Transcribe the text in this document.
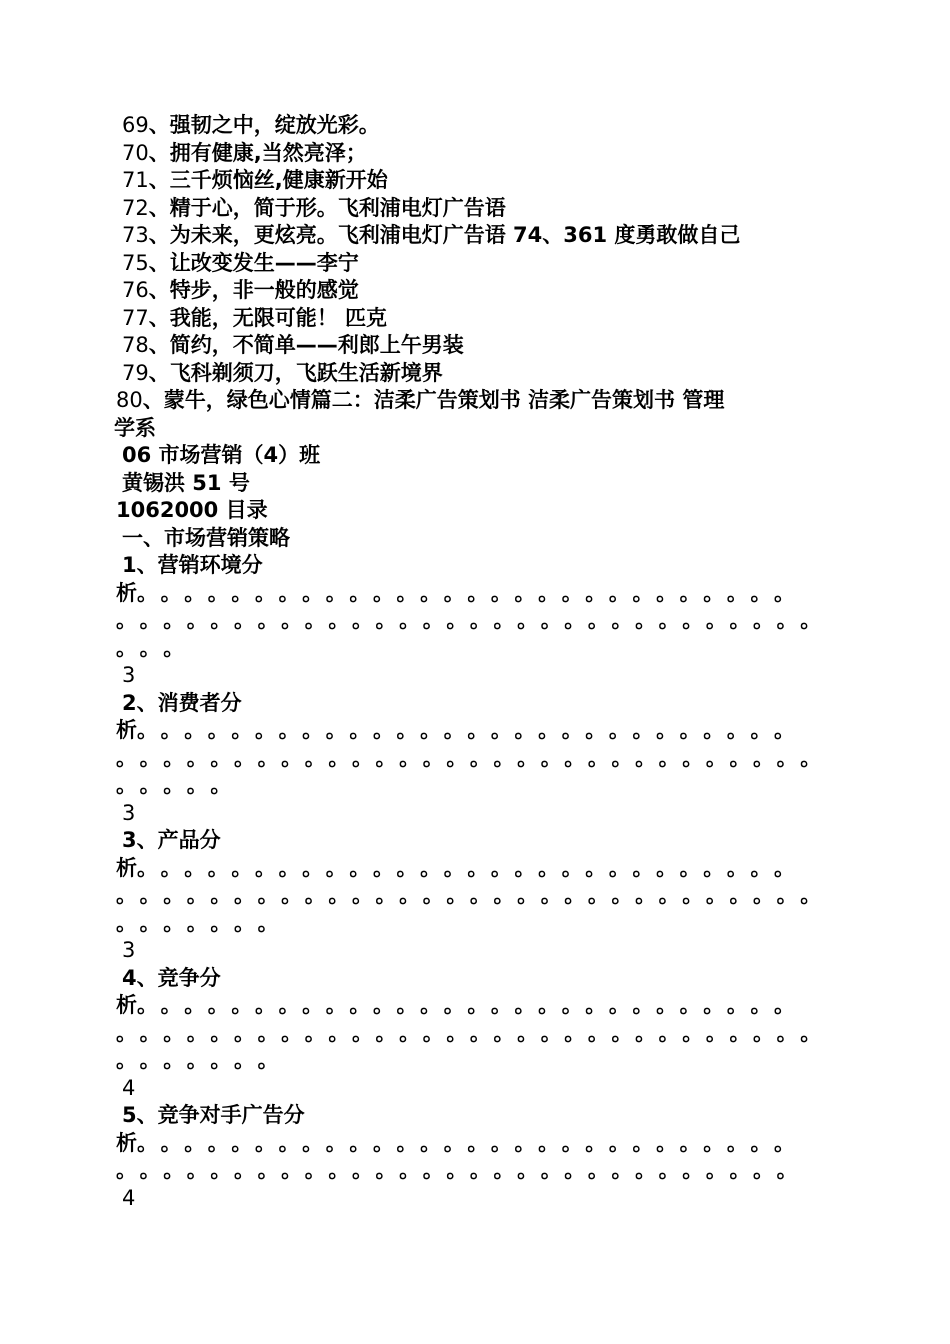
69、强韧之中，绽放光彩。
70、拥有健康,当然亮泽；
71、三千烦恼丝,健康新开始
72、精于心，简于形。飞利浦电灯广告语
73、为未来，更炫亮。飞利浦电灯广告语 74、361 度勇敢做自己
75、让改变发生——李宁
76、特步，非一般的感觉
77、我能，无限可能！ 匹克
78、简约，不简单——利郎上午男装
79、飞科剃须刀，飞跃生活新境界
80、蒙牛，绿色心情篇二：洁柔广告策划书 洁柔广告策划书 管理
学系
06 市场营销（4）班
黄锡洪 51 号
1062000 目录
一、市场营销策略
1、营销环境分
析。 。 。 。 。 。 。 。 。 。 。 。 。 。 。 。 。 。 。 。 。 。 。 。 。 。 。 。
。 。 。 。 。 。 。 。 。 。 。 。 。 。 。 。 。 。 。 。 。 。 。 。 。 。 。 。 。 。
。 。 。
3
2、消费者分
析。 。 。 。 。 。 。 。 。 。 。 。 。 。 。 。 。 。 。 。 。 。 。 。 。 。 。 。
。 。 。 。 。 。 。 。 。 。 。 。 。 。 。 。 。 。 。 。 。 。 。 。 。 。 。 。 。 。
。 。 。 。 。
3
3、产品分
析。 。 。 。 。 。 。 。 。 。 。 。 。 。 。 。 。 。 。 。 。 。 。 。 。 。 。 。
。 。 。 。 。 。 。 。 。 。 。 。 。 。 。 。 。 。 。 。 。 。 。 。 。 。 。 。 。 。
。 。 。 。 。 。 。
3
4、竞争分
析。 。 。 。 。 。 。 。 。 。 。 。 。 。 。 。 。 。 。 。 。 。 。 。 。 。 。 。
。 。 。 。 。 。 。 。 。 。 。 。 。 。 。 。 。 。 。 。 。 。 。 。 。 。 。 。 。 。
。 。 。 。 。 。 。
4
5、竞争对手广告分
析。 。 。 。 。 。 。 。 。 。 。 。 。 。 。 。 。 。 。 。 。 。 。 。 。 。 。 。
。 。 。 。 。 。 。 。 。 。 。 。 。 。 。 。 。 。 。 。 。 。 。 。 。 。 。 。 。
4
